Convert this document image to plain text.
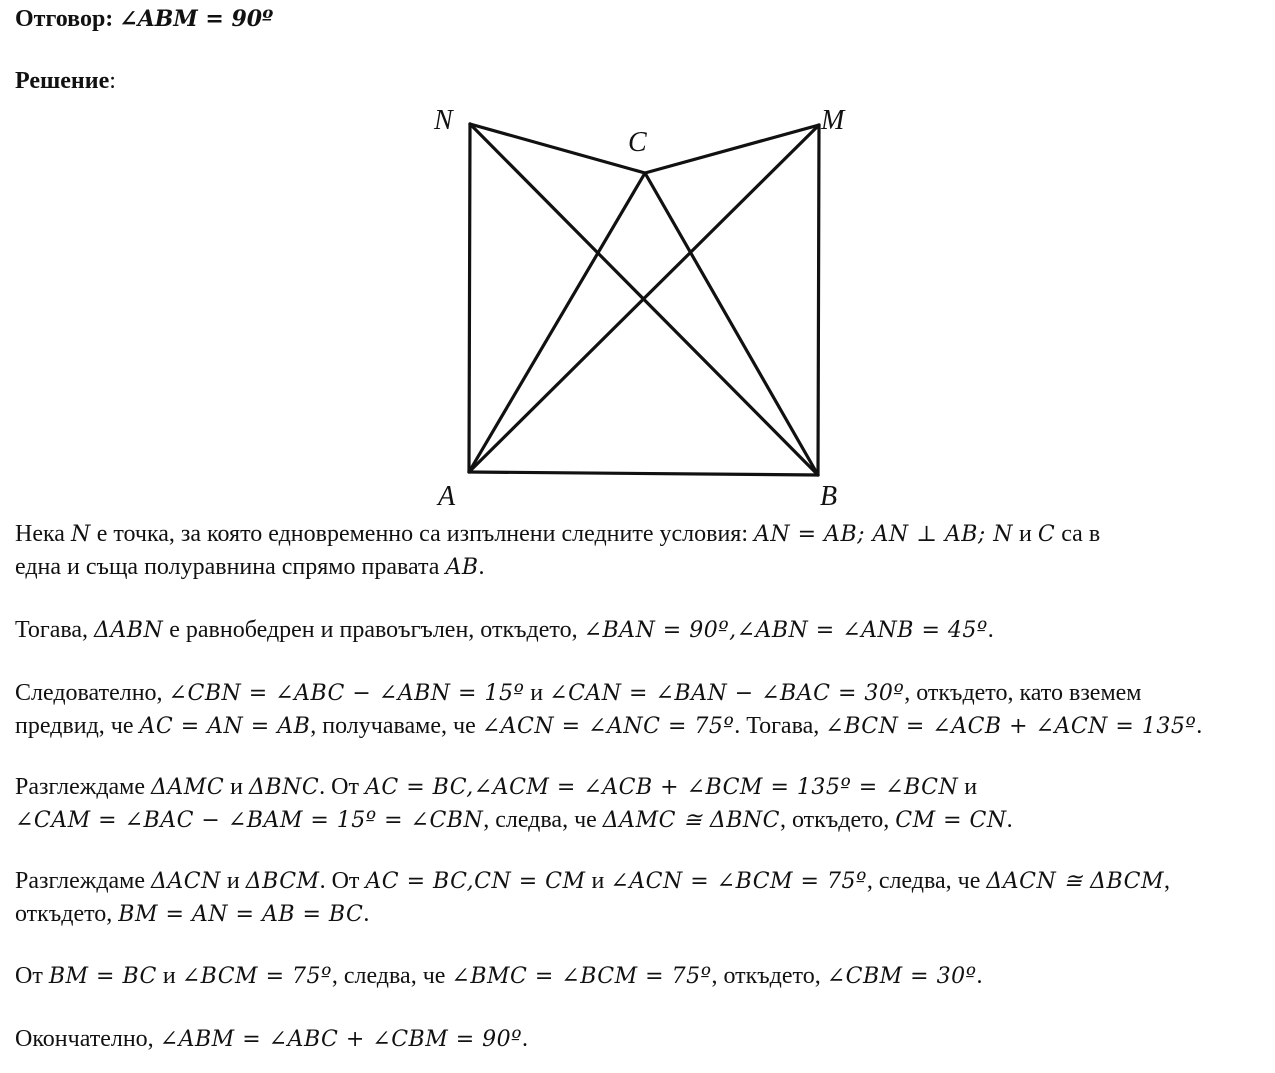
Отговор: ∠ABM = 90º
Решение:
N
C
M
A	B
Нека N е точка, за която едновременно са изпълнени следните условия: AN = AB; AN ⊥ AB; N и C са в
една и съща полуравнина спрямо правата AB.
Тогава, ΔABN е равнобедрен и правоъгълен, откъдето, ∠BAN = 90º,∠ABN = ∠ANB = 45º.
Следователно, ∠CBN = ∠ABC − ∠ABN = 15º и ∠CAN = ∠BAN − ∠BAC = 30º, откъдето, като вземем
предвид, че AC = AN = AB, получаваме, че ∠ACN = ∠ANC = 75º. Тогава, ∠BCN = ∠ACB + ∠ACN = 135º.
Разглеждаме ΔAMC и ΔBNC. От AC = BC,∠ACM = ∠ACB + ∠BCM = 135º = ∠BCN и
∠CAM = ∠BAC − ∠BAM = 15º = ∠CBN, следва, че ΔAMC ≅ ΔBNC, откъдето, CM = CN.
Разглеждаме ΔACN и ΔBCM. От AC = BC,CN = CM и ∠ACN = ∠BCM = 75º, следва, че ΔACN ≅ ΔBCM,
откъдето, BM = AN = AB = BC.
От BM = BC и ∠BCM = 75º, следва, че ∠BMC = ∠BCM = 75º, откъдето, ∠CBM = 30º.
Окончателно, ∠ABM = ∠ABC + ∠CBM = 90º.
